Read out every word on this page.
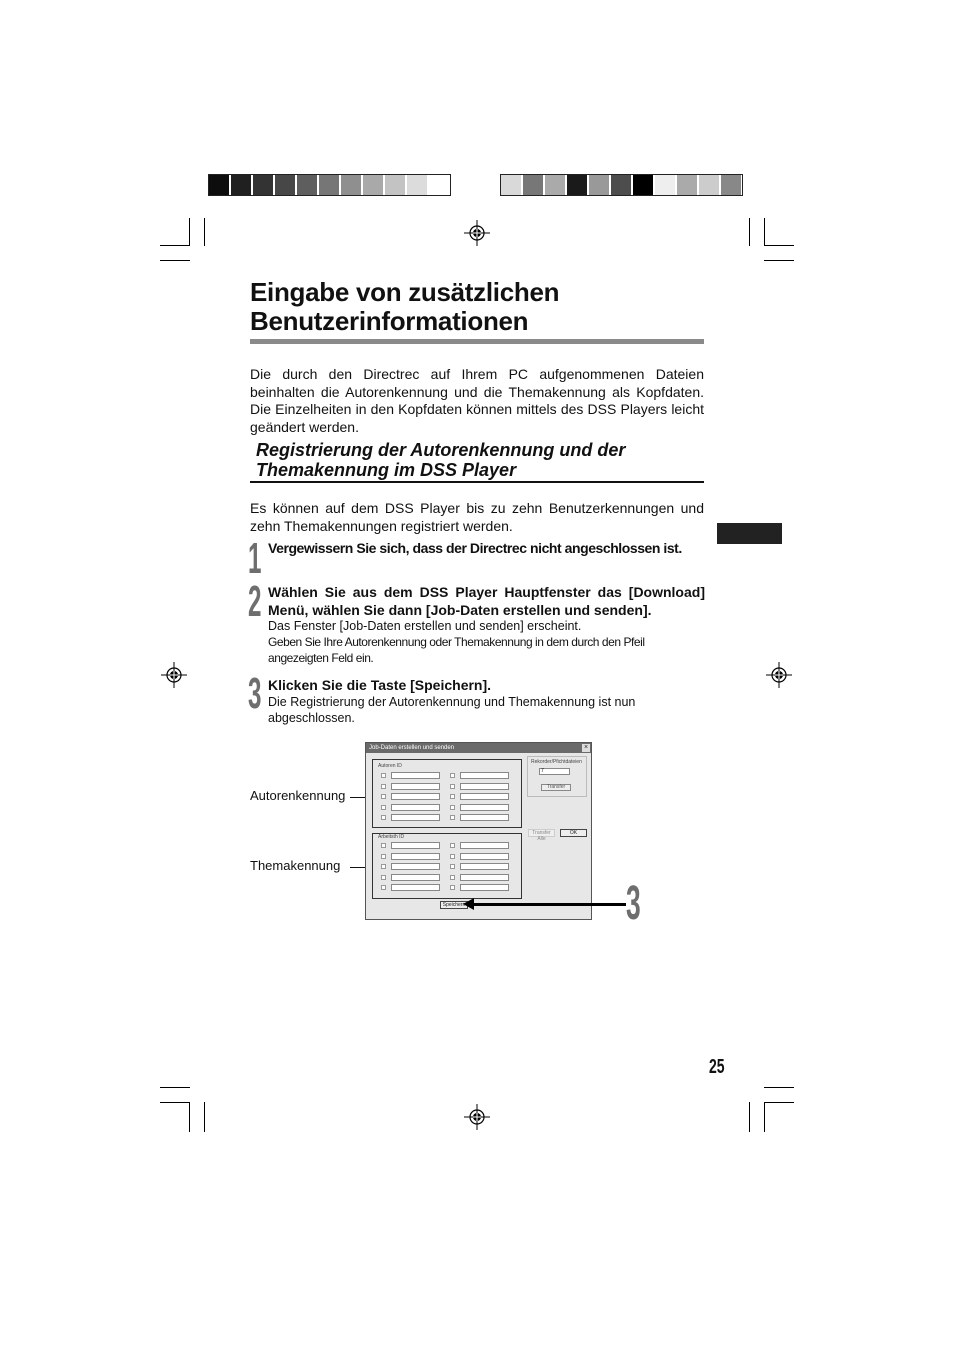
Eingabe von zusätzlichen
Benutzerinformationen

Die durch den Directrec auf Ihrem PC aufgenommenen Dateien beinhalten die Autorenkennung und die Themakennung als Kopfdaten. Die Einzelheiten in den Kopfdaten können mittels des DSS Players leicht geändert werden.

Registrierung der Autorenkennung und der
Themakennung im DSS Player

Es können auf dem DSS Player bis zu zehn Benutzerkennungen und zehn Themakennungen registriert werden.

1 Vergewissern Sie sich, dass der Directrec nicht angeschlossen ist.

2 Wählen Sie aus dem DSS Player Hauptfenster das [Download] Menü, wählen Sie dann [Job-Daten erstellen und senden].

Das Fenster [Job-Daten erstellen und senden] erscheint.

Geben Sie Ihre Autorenkennung oder Themakennung in dem durch den Pfeil angezeigten Feld ein.

3 Klicken Sie die Taste [Speichern].

Die Registrierung der Autorenkennung und Themakennung ist nun abgeschlossen.

Autorenkennung
Themakennung
Job-Daten erstellen und senden	×
Autoren ID
Arbeitsth ID
Rekorder/Pfichtdateien
7
Transfer
Transfer Alle
OK
Speichern	3
25
